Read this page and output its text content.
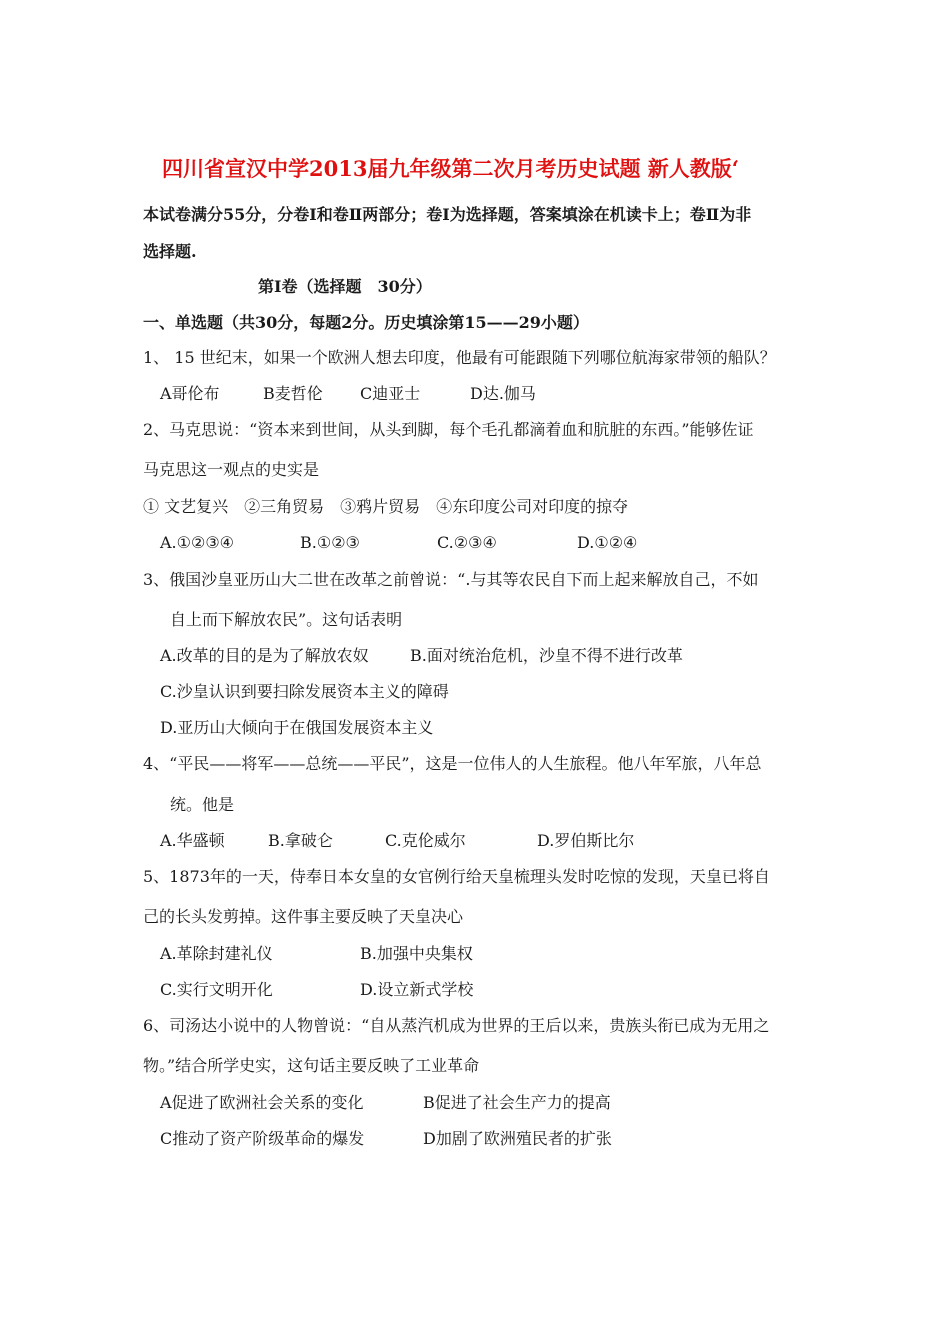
四川省宣汉中学2013届九年级第二次月考历史试题 新人教版‘
本试卷满分55分，分卷Ⅰ和卷Ⅱ两部分；卷Ⅰ为选择题，答案填涂在机读卡上；卷Ⅱ为非
选择题.
第Ⅰ卷（选择题　30分）
一、单选题（共30分，每题2分。历史填涂第15——29小题）
1、 15 世纪末，如果一个欧洲人想去印度，他最有可能跟随下列哪位航海家带领的船队？
A哥伦布	B麦哲伦 C迪亚士	D达.伽马
2、马克思说：“资本来到世间，从头到脚，每个毛孔都滴着血和肮脏的东西。”能够佐证
马克思这一观点的史实是
① 文艺复兴　②三角贸易　③鸦片贸易　④东印度公司对印度的掠夺
A.①②③④	B.①②③	C.②③④	D.①②④
3、俄国沙皇亚历山大二世在改革之前曾说：“.与其等农民自下而上起来解放自己，不如
自上而下解放农民”。这句话表明
A.改革的目的是为了解放农奴	B.面对统治危机，沙皇不得不进行改革
C.沙皇认识到要扫除发展资本主义的障碍
D.亚历山大倾向于在俄国发展资本主义
4、“平民——将军——总统——平民”，这是一位伟人的人生旅程。他八年军旅，八年总
统。他是
A.华盛顿	B.拿破仑	C.克伦威尔	D.罗伯斯比尔
5、1873年的一天，侍奉日本女皇的女官例行给天皇梳理头发时吃惊的发现，天皇已将自
己的长头发剪掉。这件事主要反映了天皇决心
A.革除封建礼仪	B.加强中央集权
C.实行文明开化	D.设立新式学校
6、司汤达小说中的人物曾说：“自从蒸汽机成为世界的王后以来，贵族头衔已成为无用之
物。”结合所学史实，这句话主要反映了工业革命
A促进了欧洲社会关系的变化	B促进了社会生产力的提高
C推动了资产阶级革命的爆发	D加剧了欧洲殖民者的扩张
